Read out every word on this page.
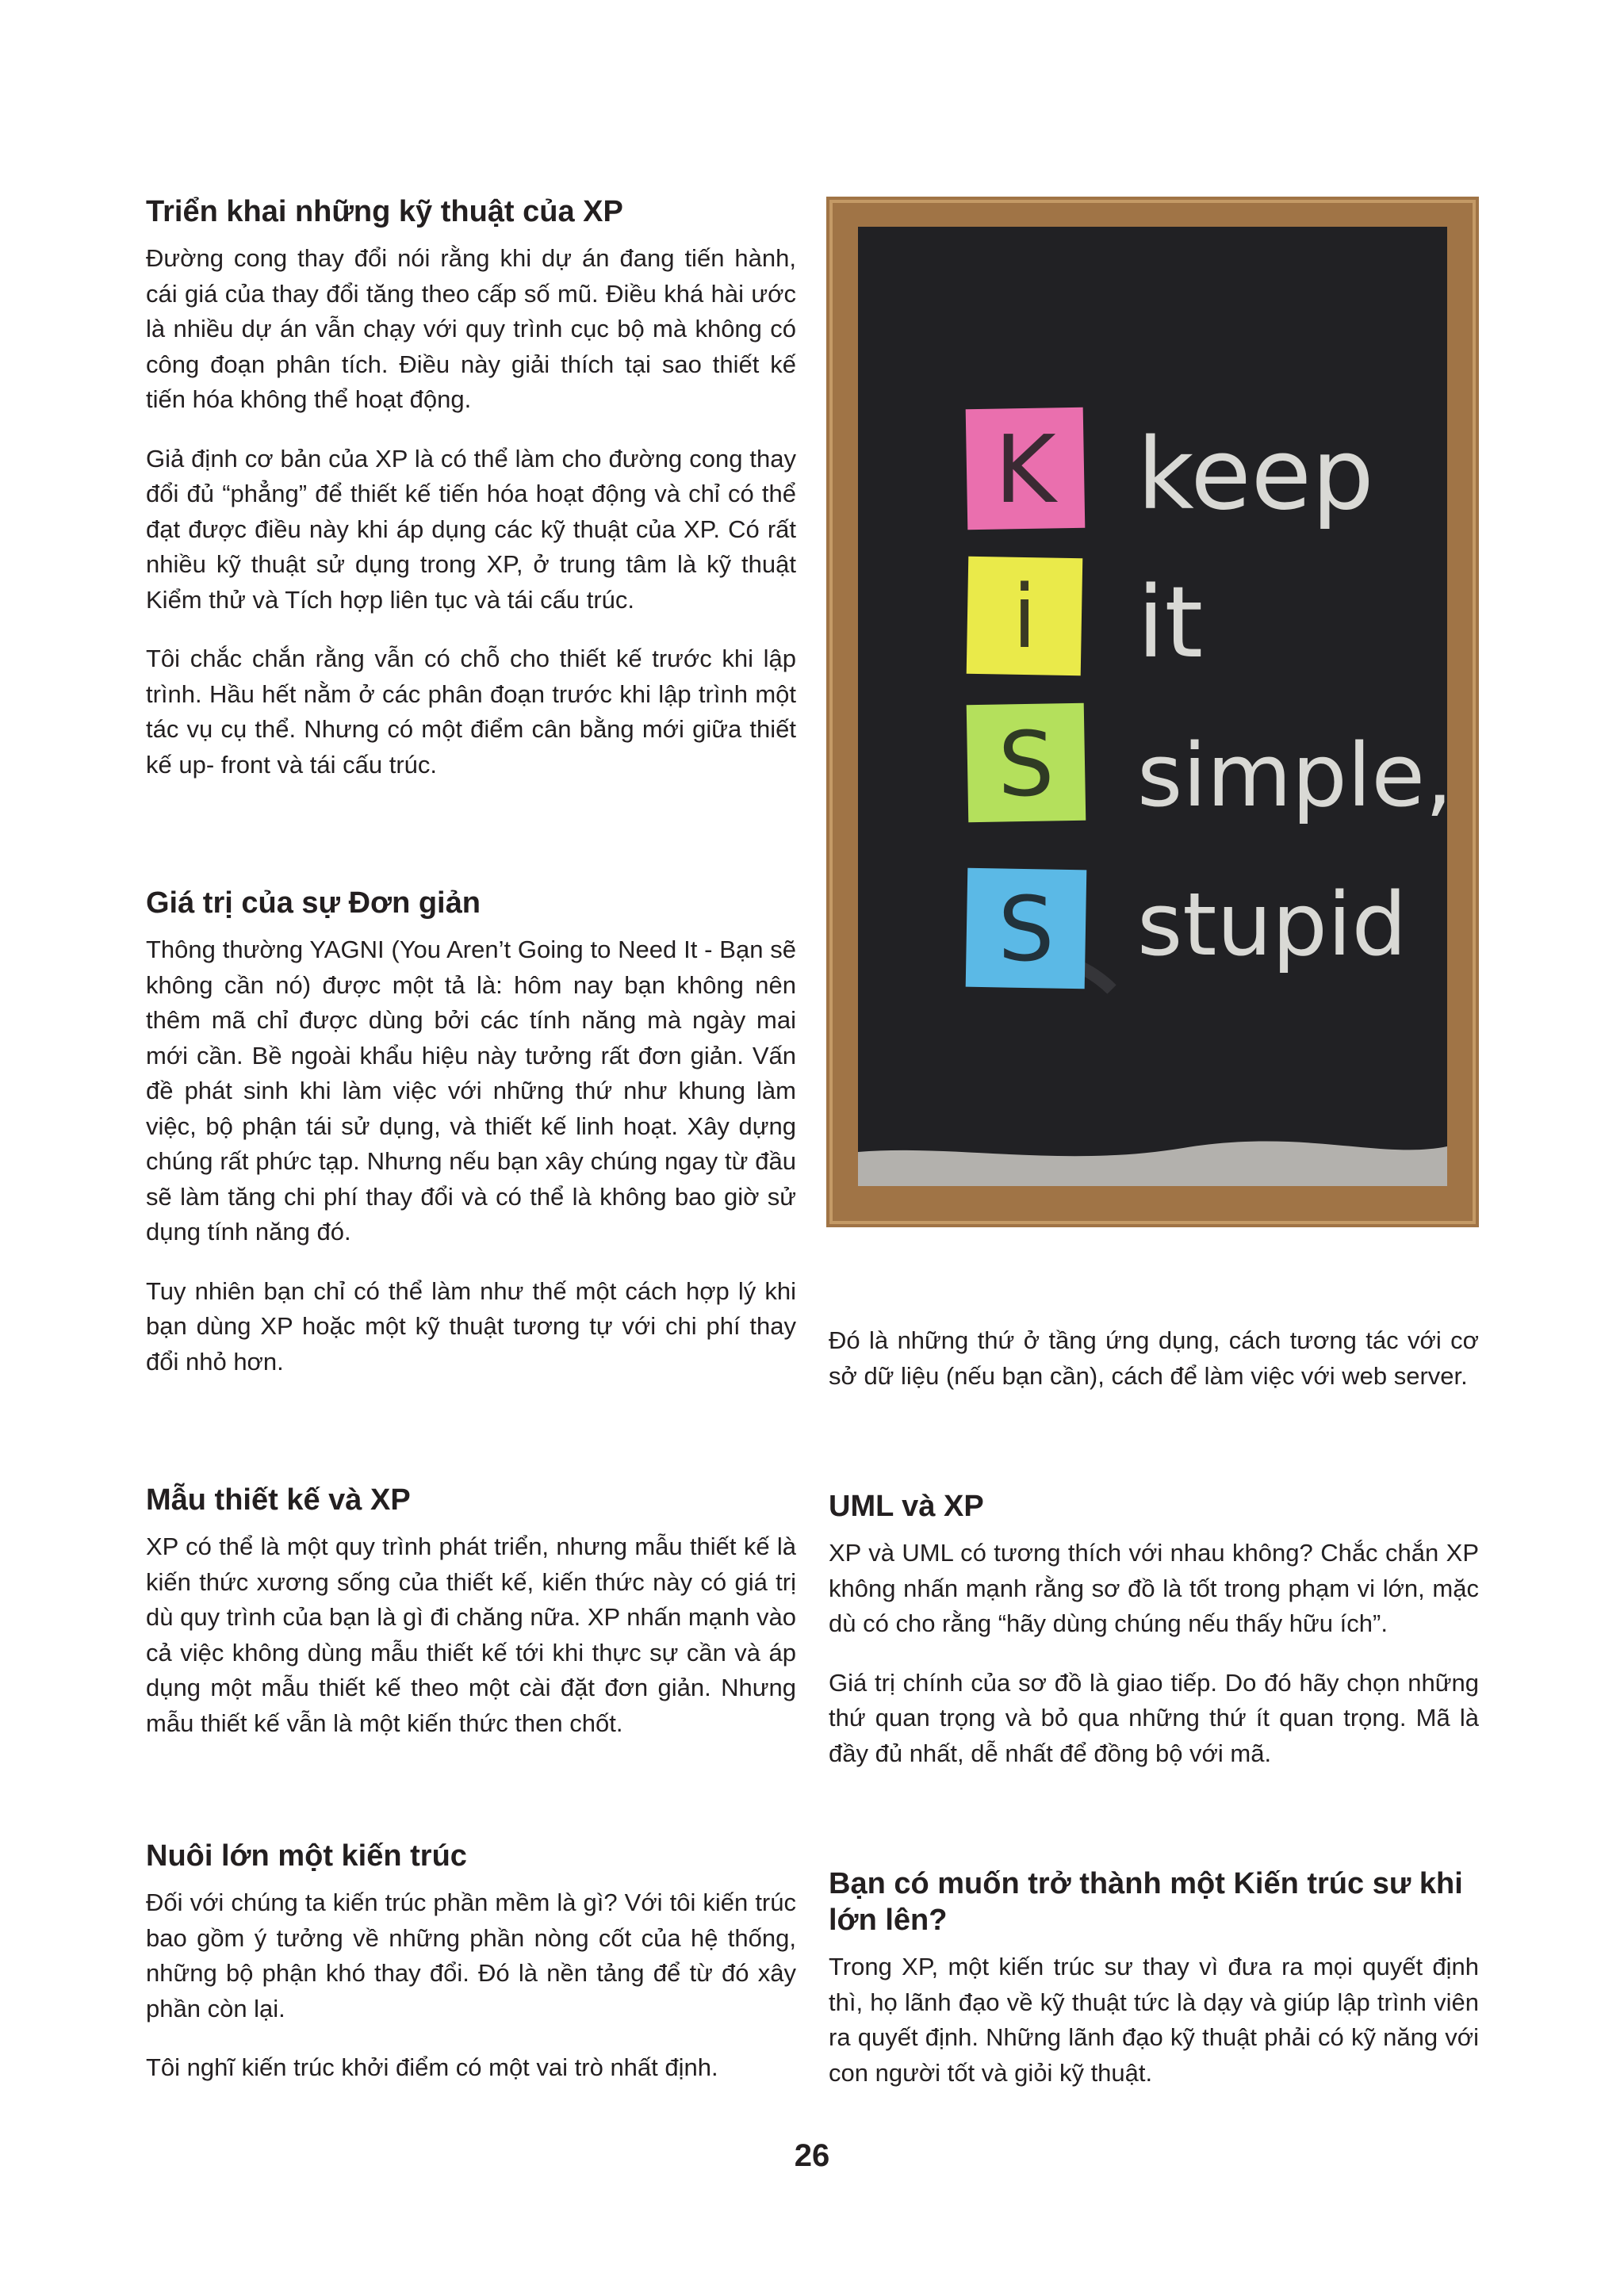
Triển khai những kỹ thuật của XP

Đường cong thay đổi nói rằng khi dự án đang tiến hành, cái giá của thay đổi tăng theo cấp số mũ. Điều khá hài ước là nhiều dự án vẫn chạy với quy trình cục bộ mà không có công đoạn phân tích. Điều này giải thích tại sao thiết kế tiến hóa không thể hoạt động.

Giả định cơ bản của XP là có thể làm cho đường cong thay đổi đủ “phẳng” để thiết kế tiến hóa hoạt động và chỉ có thể đạt được điều này khi áp dụng các kỹ thuật của XP. Có rất nhiều kỹ thuật sử dụng trong XP, ở trung tâm là kỹ thuật Kiểm thử và Tích hợp liên tục và tái cấu trúc.

Tôi chắc chắn rằng vẫn có chỗ cho thiết kế trước khi lập trình. Hầu hết nằm ở các phân đoạn trước khi lập trình một tác vụ cụ thể. Nhưng có một điểm cân bằng mới giữa thiết kế up- front và tái cấu trúc.

Giá trị của sự Đơn giản

Thông thường YAGNI (You Aren’t Going to Need It - Bạn sẽ không cần nó) được một tả là: hôm nay bạn không nên thêm mã chỉ được dùng bởi các tính năng mà ngày mai mới cần. Bề ngoài khẩu hiệu này tưởng rất đơn giản. Vấn đề phát sinh khi làm việc với những thứ như khung làm việc, bộ phận tái sử dụng, và thiết kế linh hoạt. Xây dựng chúng rất phức tạp. Nhưng nếu bạn xây chúng ngay từ đầu sẽ làm tăng chi phí thay đổi và có thể là không bao giờ sử dụng tính năng đó.

Tuy nhiên bạn chỉ có thể làm như thế một cách hợp lý khi bạn dùng XP hoặc một kỹ thuật tương tự với chi phí thay đổi nhỏ hơn.

Mẫu thiết kế và XP

XP có thể là một quy trình phát triển, nhưng mẫu thiết kế là kiến thức xương sống của thiết kế, kiến thức này có giá trị dù quy trình của bạn là gì đi chăng nữa. XP nhấn mạnh vào cả việc không dùng mẫu thiết kế tới khi thực sự cần và áp dụng một mẫu thiết kế theo một cài đặt đơn giản. Nhưng mẫu thiết kế vẫn là một kiến thức then chốt.

Nuôi lớn một kiến trúc

Đối với chúng ta kiến trúc phần mềm là gì? Với tôi kiến trúc bao gồm ý tưởng về những phần nòng cốt của hệ thống, những bộ phận khó thay đổi. Đó là nền tảng để từ đó xây phần còn lại.

Tôi nghĩ kiến trúc khởi điểm có một vai trò nhất định.

K
i
S
S
keep
it
simple,
stupid

Đó là những thứ ở tầng ứng dụng, cách tương tác với cơ sở dữ liệu (nếu bạn cần), cách để làm việc với web server.

UML và XP

XP và UML có tương thích với nhau không? Chắc chắn XP không nhấn mạnh rằng sơ đồ là tốt trong phạm vi lớn, mặc dù có cho rằng “hãy dùng chúng nếu thấy hữu ích”.

Giá trị chính của sơ đồ là giao tiếp. Do đó hãy chọn những thứ quan trọng và bỏ qua những thứ ít quan trọng. Mã là đầy đủ nhất, dễ nhất để đồng bộ với mã.

Bạn có muốn trở thành một Kiến trúc sư khi lớn lên?

Trong XP, một kiến trúc sư thay vì đưa ra mọi quyết định thì, họ lãnh đạo về kỹ thuật tức là dạy và giúp lập trình viên ra quyết định. Những lãnh đạo kỹ thuật phải có kỹ năng với con người tốt và giỏi kỹ thuật.

26
